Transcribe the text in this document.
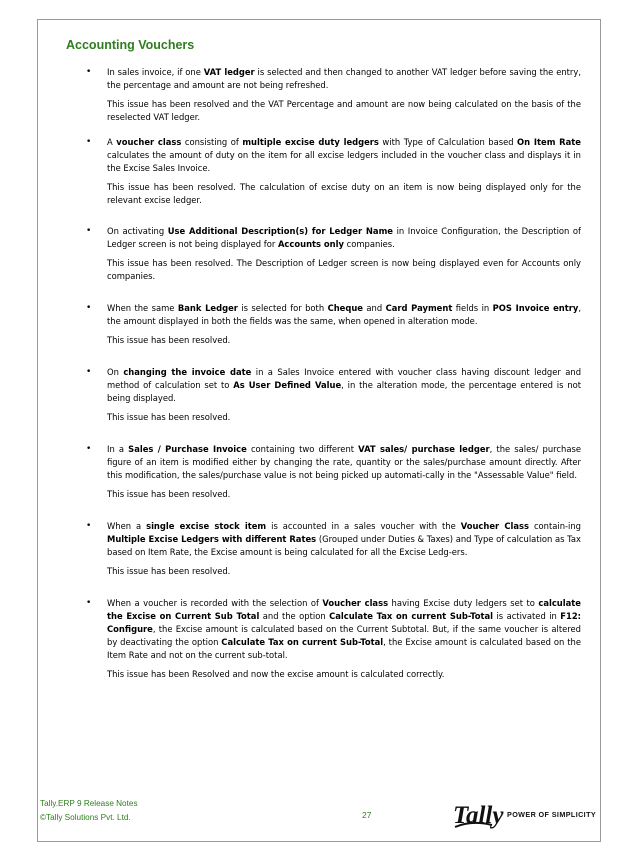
Accounting Vouchers
• In sales invoice, if one VAT ledger is selected and then changed to another VAT ledger before saving the entry, the percentage and amount are not being refreshed.

This issue has been resolved and the VAT Percentage and amount are now being calculated on the basis of the reselected VAT ledger.

• A voucher class consisting of multiple excise duty ledgers with Type of Calculation based On Item Rate calculates the amount of duty on the item for all excise ledgers included in the voucher class and displays it in the Excise Sales Invoice.

This issue has been resolved. The calculation of excise duty on an item is now being displayed only for the relevant excise ledger.

• On activating Use Additional Description(s) for Ledger Name in Invoice Configuration, the Description of Ledger screen is not being displayed for Accounts only companies.

This issue has been resolved. The Description of Ledger screen is now being displayed even for Accounts only companies.

• When the same Bank Ledger is selected for both Cheque and Card Payment fields in POS Invoice entry, the amount displayed in both the fields was the same, when opened in alteration mode.

This issue has been resolved.

• On changing the invoice date in a Sales Invoice entered with voucher class having discount ledger and method of calculation set to As User Defined Value, in the alteration mode, the percentage entered is not being displayed.

This issue has been resolved.

• In a Sales / Purchase Invoice containing two different VAT sales/ purchase ledger, the sales/ purchase figure of an item is modified either by changing the rate, quantity or the sales/purchase amount directly. After this modification, the sales/purchase value is not being picked up automati-cally in the "Assessable Value" field.

This issue has been resolved.

• When a single excise stock item is accounted in a sales voucher with the Voucher Class contain-ing Multiple Excise Ledgers with different Rates (Grouped under Duties & Taxes) and Type of calculation as Tax based on Item Rate, the Excise amount is being calculated for all the Excise Ledg-ers.

This issue has been resolved.

• When a voucher is recorded with the selection of Voucher class having Excise duty ledgers set to calculate the Excise on Current Sub Total and the option Calculate Tax on current Sub-Total is activated in F12: Configure, the Excise amount is calculated based on the Current Subtotal. But, if the same voucher is altered by deactivating the option Calculate Tax on current Sub-Total, the Excise amount is calculated based on the Item Rate and not on the current sub-total.

This issue has been Resolved and now the excise amount is calculated correctly.

Tally.ERP 9 Release Notes
©Tally Solutions Pvt. Ltd.	27	Tally POWER OF SIMPLICITY
